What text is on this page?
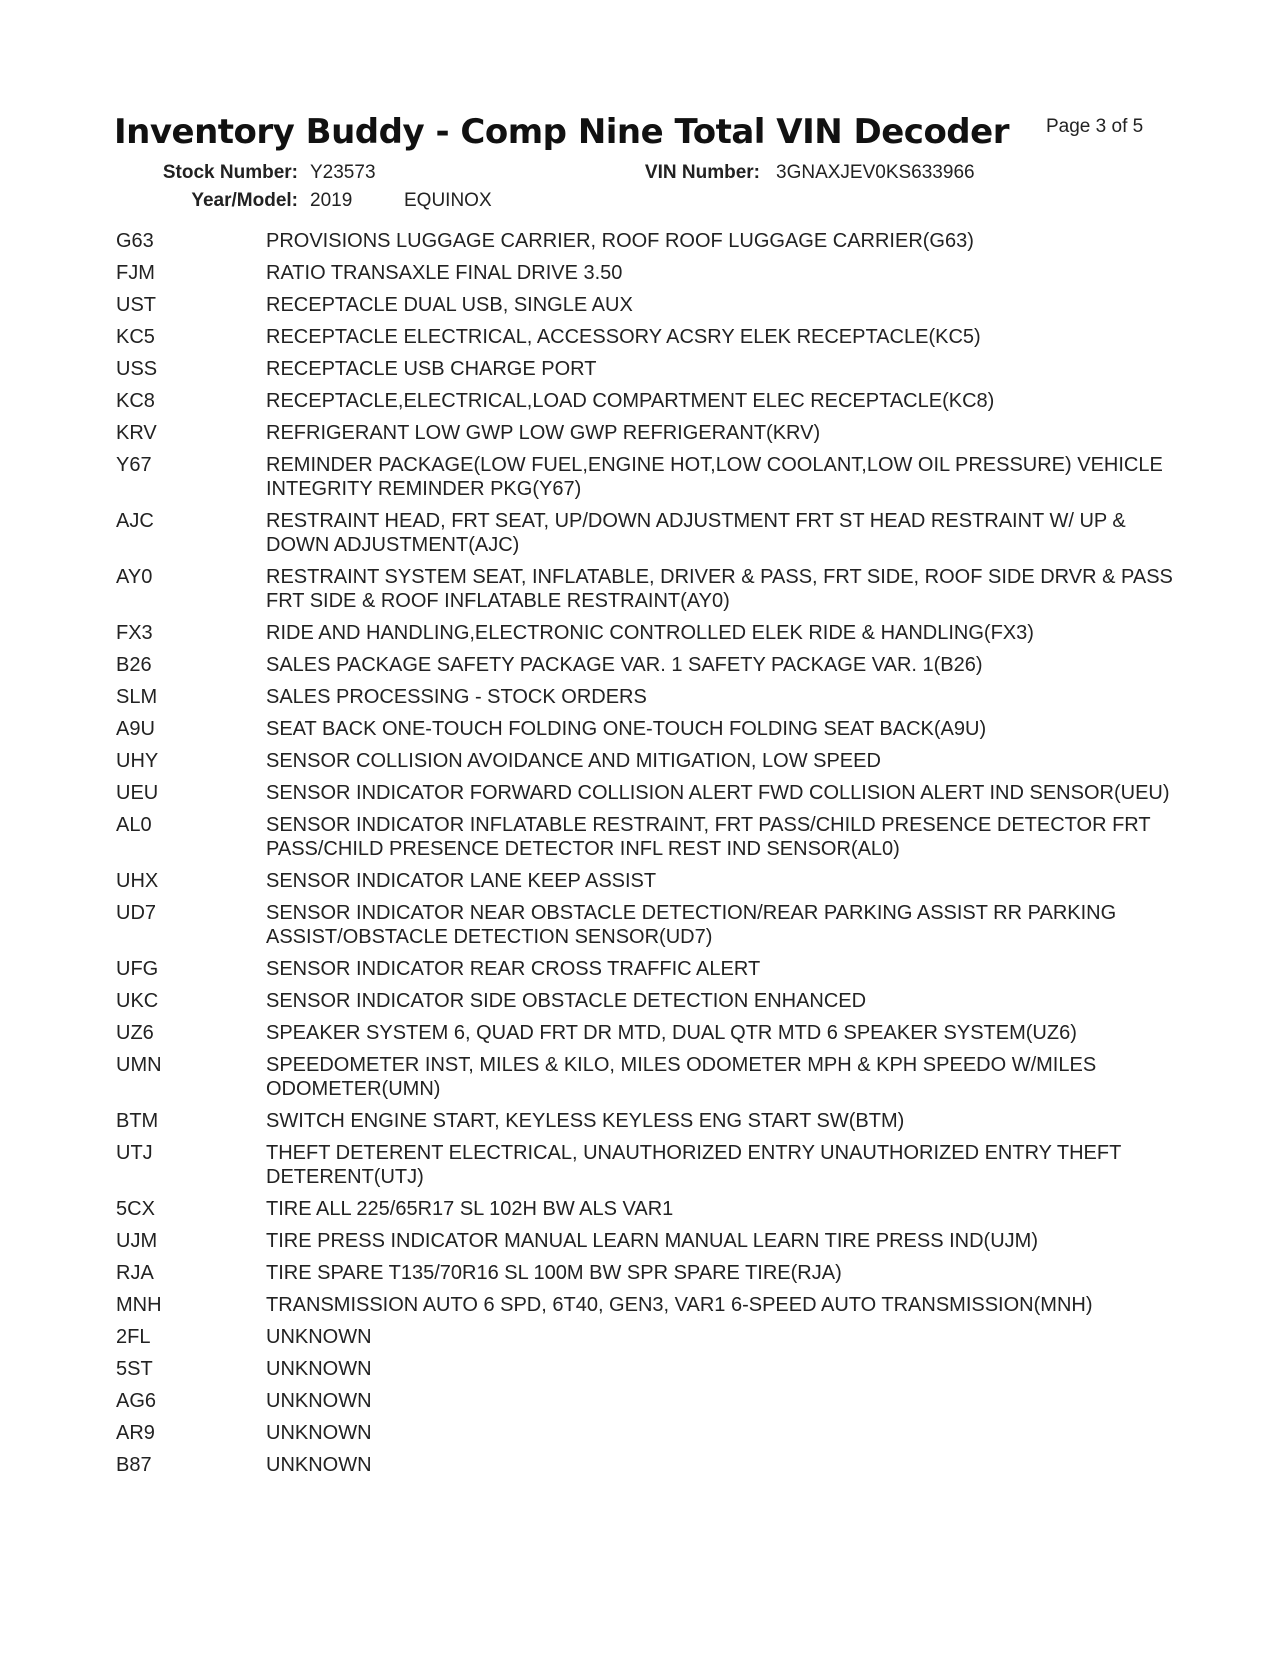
Inventory Buddy - Comp Nine Total VIN Decoder Page 3 of 5
Stock Number: Y23573	VIN Number: 3GNAXJEV0KS633966
Year/Model: 2019	EQUINOX
G63	PROVISIONS LUGGAGE CARRIER, ROOF ROOF LUGGAGE CARRIER(G63)
FJM	RATIO TRANSAXLE FINAL DRIVE 3.50
UST	RECEPTACLE DUAL USB, SINGLE AUX
KC5	RECEPTACLE ELECTRICAL, ACCESSORY ACSRY ELEK RECEPTACLE(KC5)
USS	RECEPTACLE USB CHARGE PORT
KC8	RECEPTACLE,ELECTRICAL,LOAD COMPARTMENT ELEC RECEPTACLE(KC8)
KRV	REFRIGERANT LOW GWP LOW GWP REFRIGERANT(KRV)
Y67	REMINDER PACKAGE(LOW FUEL,ENGINE HOT,LOW COOLANT,LOW OIL PRESSURE) VEHICLE INTEGRITY REMINDER PKG(Y67)
AJC	RESTRAINT HEAD, FRT SEAT, UP/DOWN ADJUSTMENT FRT ST HEAD RESTRAINT W/ UP & DOWN ADJUSTMENT(AJC)
AY0	RESTRAINT SYSTEM SEAT, INFLATABLE, DRIVER & PASS, FRT SIDE, ROOF SIDE DRVR & PASS FRT SIDE & ROOF INFLATABLE RESTRAINT(AY0)
FX3	RIDE AND HANDLING,ELECTRONIC CONTROLLED ELEK RIDE & HANDLING(FX3)
B26	SALES PACKAGE SAFETY PACKAGE VAR. 1 SAFETY PACKAGE VAR. 1(B26)
SLM	SALES PROCESSING - STOCK ORDERS
A9U	SEAT BACK ONE-TOUCH FOLDING ONE-TOUCH FOLDING SEAT BACK(A9U)
UHY	SENSOR COLLISION AVOIDANCE AND MITIGATION, LOW SPEED
UEU	SENSOR INDICATOR FORWARD COLLISION ALERT FWD COLLISION ALERT IND SENSOR(UEU)
AL0	SENSOR INDICATOR INFLATABLE RESTRAINT, FRT PASS/CHILD PRESENCE DETECTOR FRT PASS/CHILD PRESENCE DETECTOR INFL REST IND SENSOR(AL0)
UHX	SENSOR INDICATOR LANE KEEP ASSIST
UD7	SENSOR INDICATOR NEAR OBSTACLE DETECTION/REAR PARKING ASSIST RR PARKING ASSIST/OBSTACLE DETECTION SENSOR(UD7)
UFG	SENSOR INDICATOR REAR CROSS TRAFFIC ALERT
UKC	SENSOR INDICATOR SIDE OBSTACLE DETECTION ENHANCED
UZ6	SPEAKER SYSTEM 6, QUAD FRT DR MTD, DUAL QTR MTD 6 SPEAKER SYSTEM(UZ6)
UMN	SPEEDOMETER INST, MILES & KILO, MILES ODOMETER MPH & KPH SPEEDO W/MILES ODOMETER(UMN)
BTM	SWITCH ENGINE START, KEYLESS KEYLESS ENG START SW(BTM)
UTJ	THEFT DETERENT ELECTRICAL, UNAUTHORIZED ENTRY UNAUTHORIZED ENTRY THEFT DETERENT(UTJ)
5CX	TIRE ALL 225/65R17 SL 102H BW ALS VAR1
UJM	TIRE PRESS INDICATOR MANUAL LEARN MANUAL LEARN TIRE PRESS IND(UJM)
RJA	TIRE SPARE T135/70R16 SL 100M BW SPR SPARE TIRE(RJA)
MNH	TRANSMISSION AUTO 6 SPD, 6T40, GEN3, VAR1 6-SPEED AUTO TRANSMISSION(MNH)
2FL	UNKNOWN
5ST	UNKNOWN
AG6	UNKNOWN
AR9	UNKNOWN
B87	UNKNOWN
